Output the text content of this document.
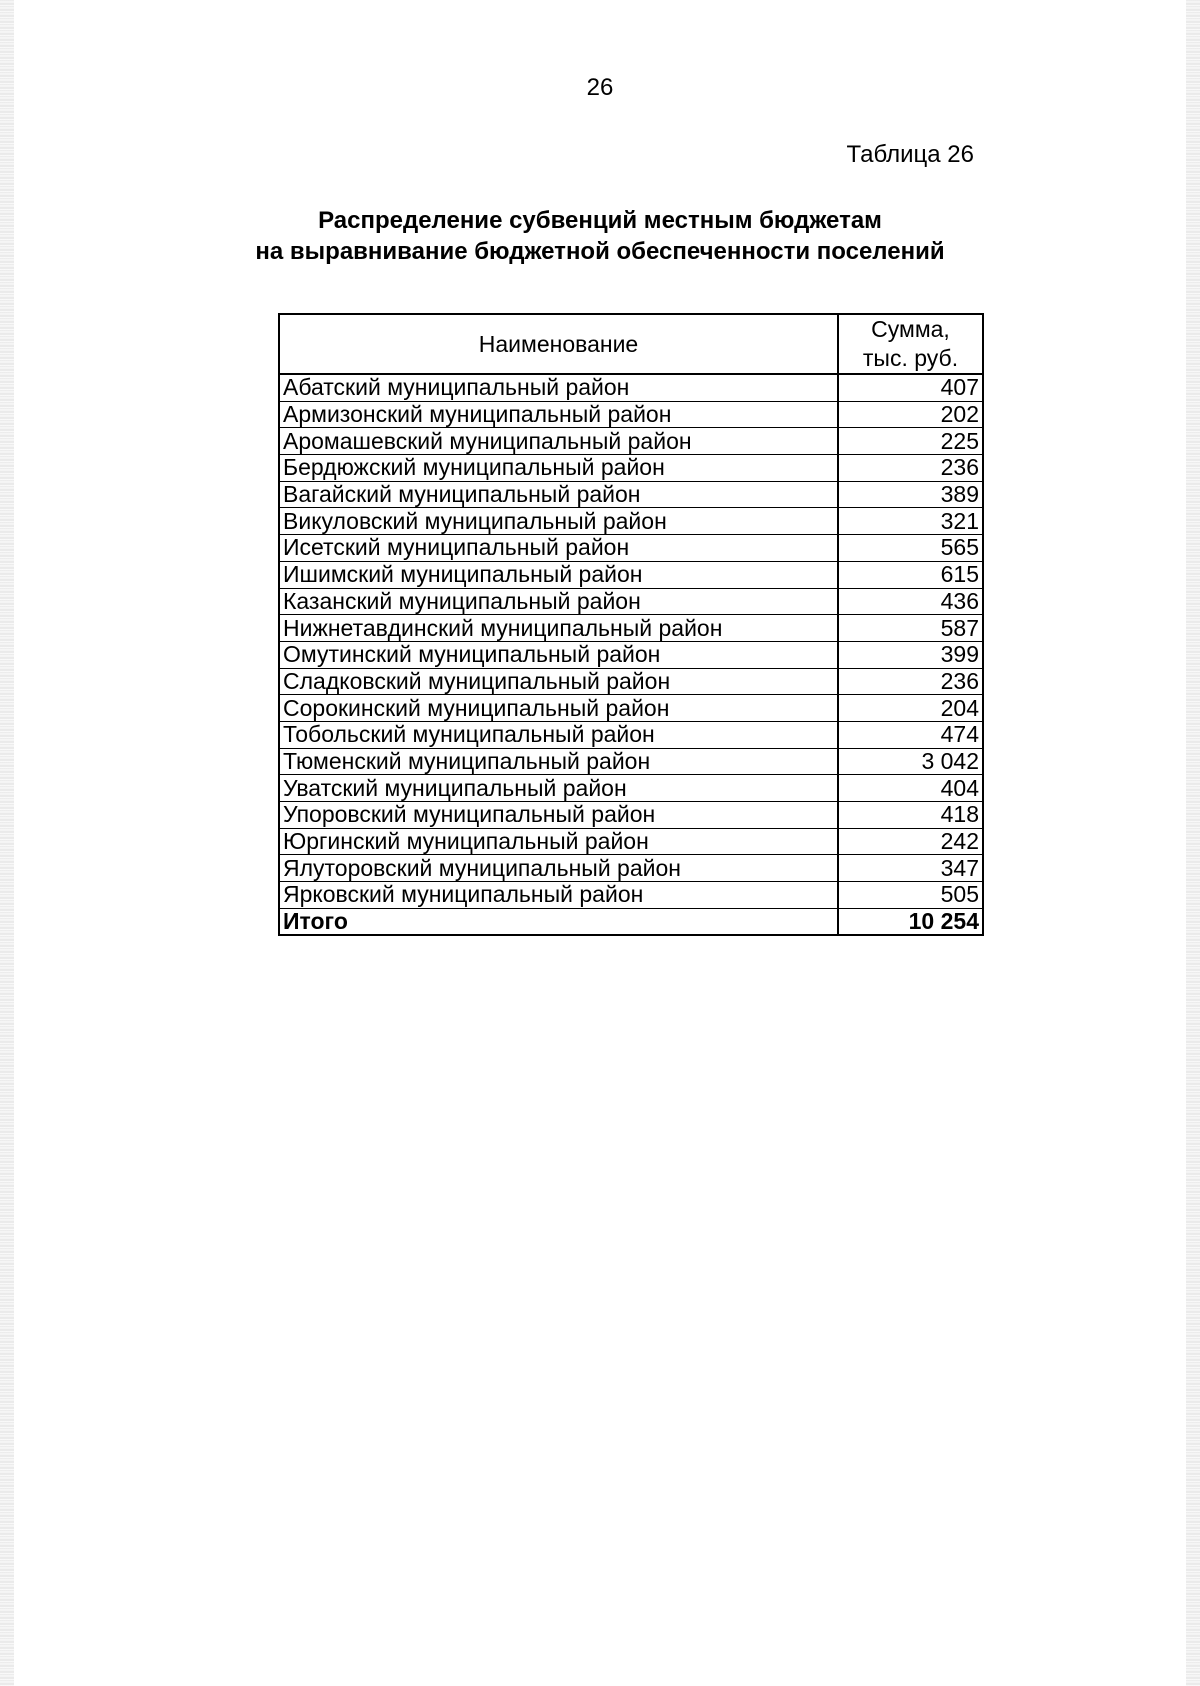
26
Таблица 26
Распределение субвенций местным бюджетам
на выравнивание бюджетной обеспеченности поселений
Наименование	Сумма,
тыс. руб.

Абатский муниципальный район	407
Армизонский муниципальный район	202
Аромашевский муниципальный район	225
Бердюжский муниципальный район	236
Вагайский муниципальный район	389
Викуловский муниципальный район	321
Исетский муниципальный район	565
Ишимский муниципальный район	615
Казанский муниципальный район	436
Нижнетавдинский муниципальный район	587
Омутинский муниципальный район	399
Сладковский муниципальный район	236
Сорокинский муниципальный район	204
Тобольский муниципальный район	474
Тюменский муниципальный район	3 042
Уватский муниципальный район	404
Упоровский муниципальный район	418
Юргинский муниципальный район	242
Ялуторовский муниципальный район	347
Ярковский муниципальный район	505
Итого	10 254
